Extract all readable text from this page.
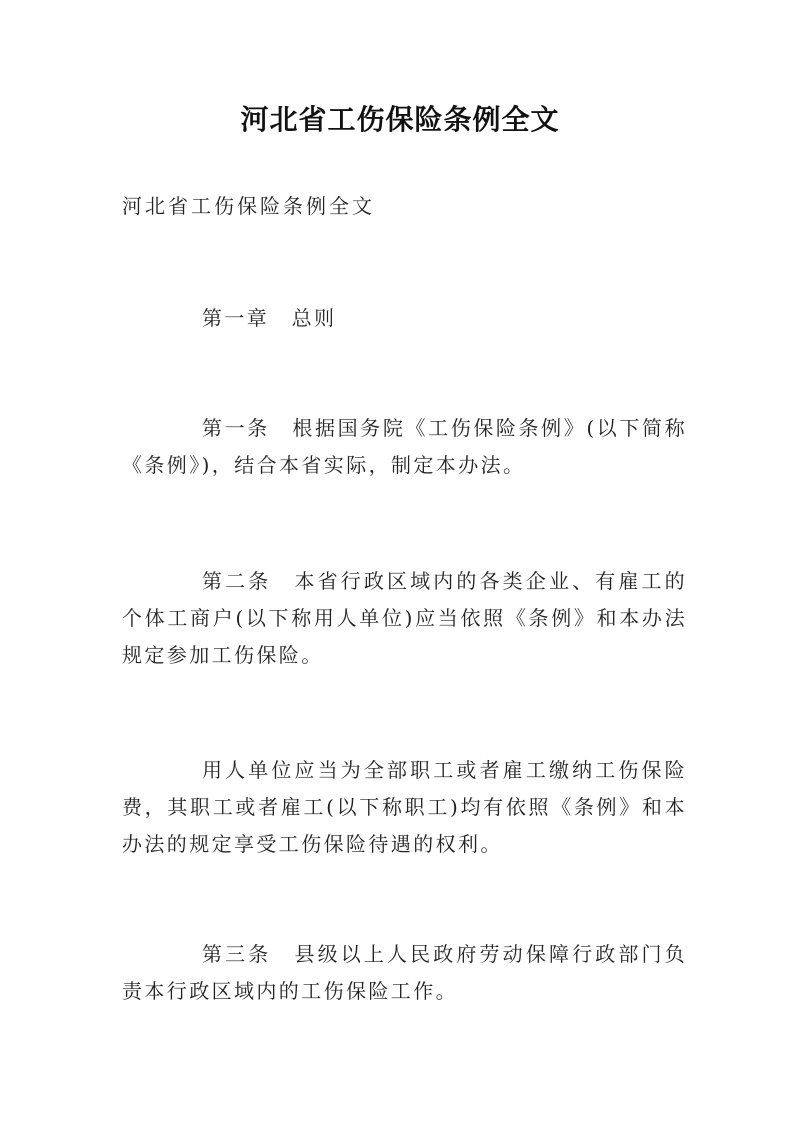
河北省工伤保险条例全文
河北省工伤保险条例全文
第一章　总则
第一条　根据国务院《工伤保险条例》(以下简称《条例》)，结合本省实际，制定本办法。
第二条　本省行政区域内的各类企业、有雇工的个体工商户(以下称用人单位)应当依照《条例》和本办法规定参加工伤保险。
用人单位应当为全部职工或者雇工缴纳工伤保险费，其职工或者雇工(以下称职工)均有依照《条例》和本办法的规定享受工伤保险待遇的权利。
第三条　县级以上人民政府劳动保障行政部门负责本行政区域内的工伤保险工作。
